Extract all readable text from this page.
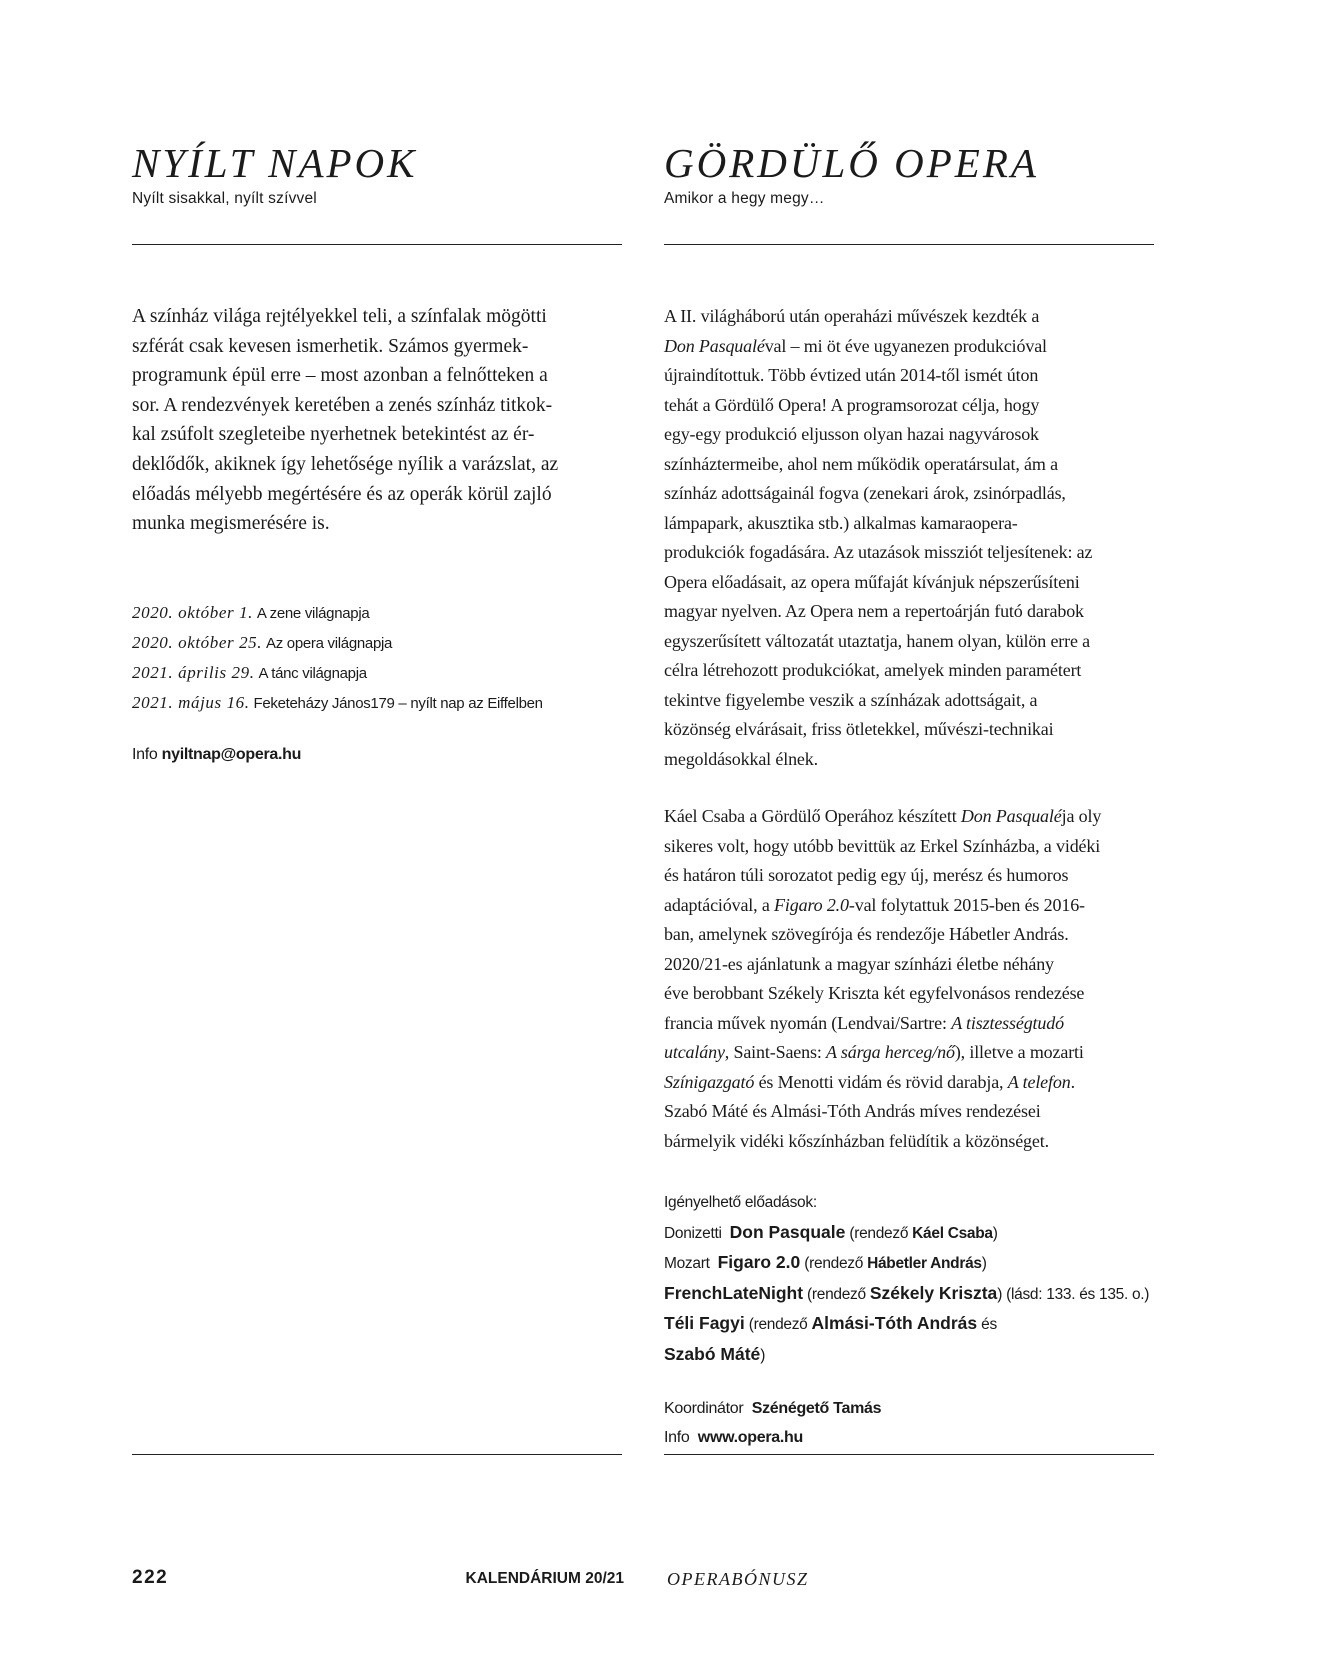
NYÍLT NAPOK
Nyílt sisakkal, nyílt szívvel
A színház világa rejtélyekkel teli, a színfalak mögötti
szférát csak kevesen ismerhetik. Számos gyermek-
programunk épül erre – most azonban a felnőtteken a
sor. A rendezvények keretében a zenés színház titkok-
kal zsúfolt szegleteibe nyerhetnek betekintést az ér-
deklődők, akiknek így lehetősége nyílik a varázslat, az
előadás mélyebb megértésére és az operák körül zajló
munka megismerésére is.
2020. október 1. A zene világnapja
2020. október 25. Az opera világnapja
2021. április 29. A tánc világnapja
2021. május 16. Feketeházy János179 – nyílt nap az Eiffelben
Info nyiltnap@opera.hu
GÖRDÜLŐ OPERA
Amikor a hegy megy…

A II. világháború után operaházi művészek kezdték a
Don Pasqualéval – mi öt éve ugyanezen produkcióval
újraindítottuk. Több évtized után 2014-től ismét úton
tehát a Gördülő Opera! A programsorozat célja, hogy
egy-egy produkció eljusson olyan hazai nagyvárosok
színháztermeibe, ahol nem működik operatársulat, ám a
színház adottságainál fogva (zenekari árok, zsinórpadlás,
lámpapark, akusztika stb.) alkalmas kamaraopera-
produkciók fogadására. Az utazások missziót teljesítenek: az
Opera előadásait, az opera műfaját kívánjuk népszerűsíteni
magyar nyelven. Az Opera nem a repertoárján futó darabok
egyszerűsített változatát utaztatja, hanem olyan, külön erre a
célra létrehozott produkciókat, amelyek minden paramétert
tekintve figyelembe veszik a színházak adottságait, a
közönség elvárásait, friss ötletekkel, művészi-technikai
megoldásokkal élnek.

Káel Csaba a Gördülő Operához készített Don Pasqualéja oly
sikeres volt, hogy utóbb bevittük az Erkel Színházba, a vidéki
és határon túli sorozatot pedig egy új, merész és humoros
adaptációval, a Figaro 2.0-val folytattuk 2015-ben és 2016-
ban, amelynek szövegírója és rendezője Hábetler András.
2020/21-es ajánlatunk a magyar színházi életbe néhány
éve berobbant Székely Kriszta két egyfelvonásos rendezése
francia művek nyomán (Lendvai/Sartre: A tisztességtudó
utcalány, Saint-Saens: A sárga herceg/nő), illetve a mozarti
Színigazgató és Menotti vidám és rövid darabja, A telefon.
Szabó Máté és Almási-Tóth András míves rendezései
bármelyik vidéki kőszínházban felüdítik a közönséget.

Igényelhető előadások:
Donizetti Don Pasquale (rendező Káel Csaba)
Mozart Figaro 2.0 (rendező Hábetler András)
FrenchLateNight (rendező Székely Kriszta) (lásd: 133. és 135. o.)
Téli Fagyi (rendező Almási-Tóth András és
Szabó Máté)
Koordinátor Szénégető Tamás
Info www.opera.hu
222	KALENDÁRIUM 20/21 OPERABÓNUSZ
